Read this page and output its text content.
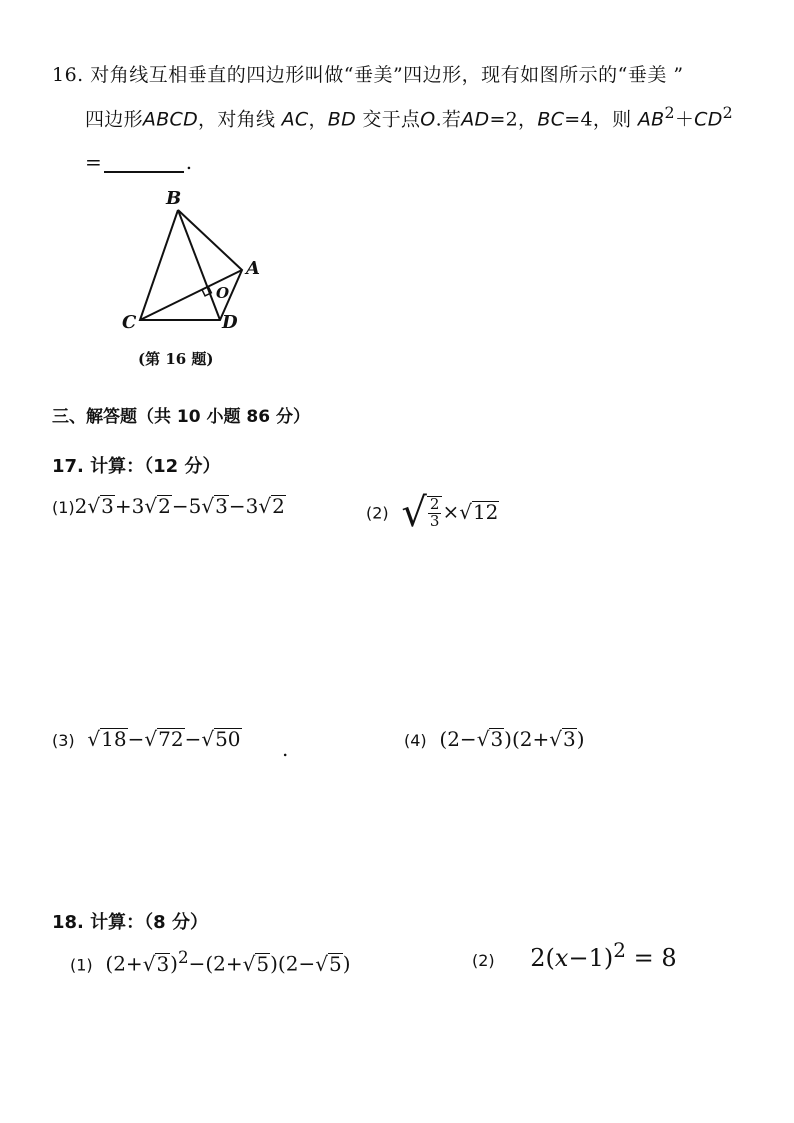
16. 对角线互相垂直的四边形叫做“垂美”四边形，现有如图所示的“垂美 ”
四边形ABCD，对角线 AC，BD 交于点O.若AD=2，BC=4，则 $AB^2+CD^2$
=	.
B
A
C	D
O
(第 16 题)
三、解答题（共 10 小题 86 分）
17. 计算：（12 分）
(1)2√3+3√2−5√3−3√2	(2) √ $\frac{2}{3} \times√12$
(3) √18−√72−√50 .	(4) (2−√3)(2+√3)
18. 计算：（8 分）
(1) $(2+√3)^2-(2+√5)(2-√5)$	(2) $2(x-1)^2 = 8$
